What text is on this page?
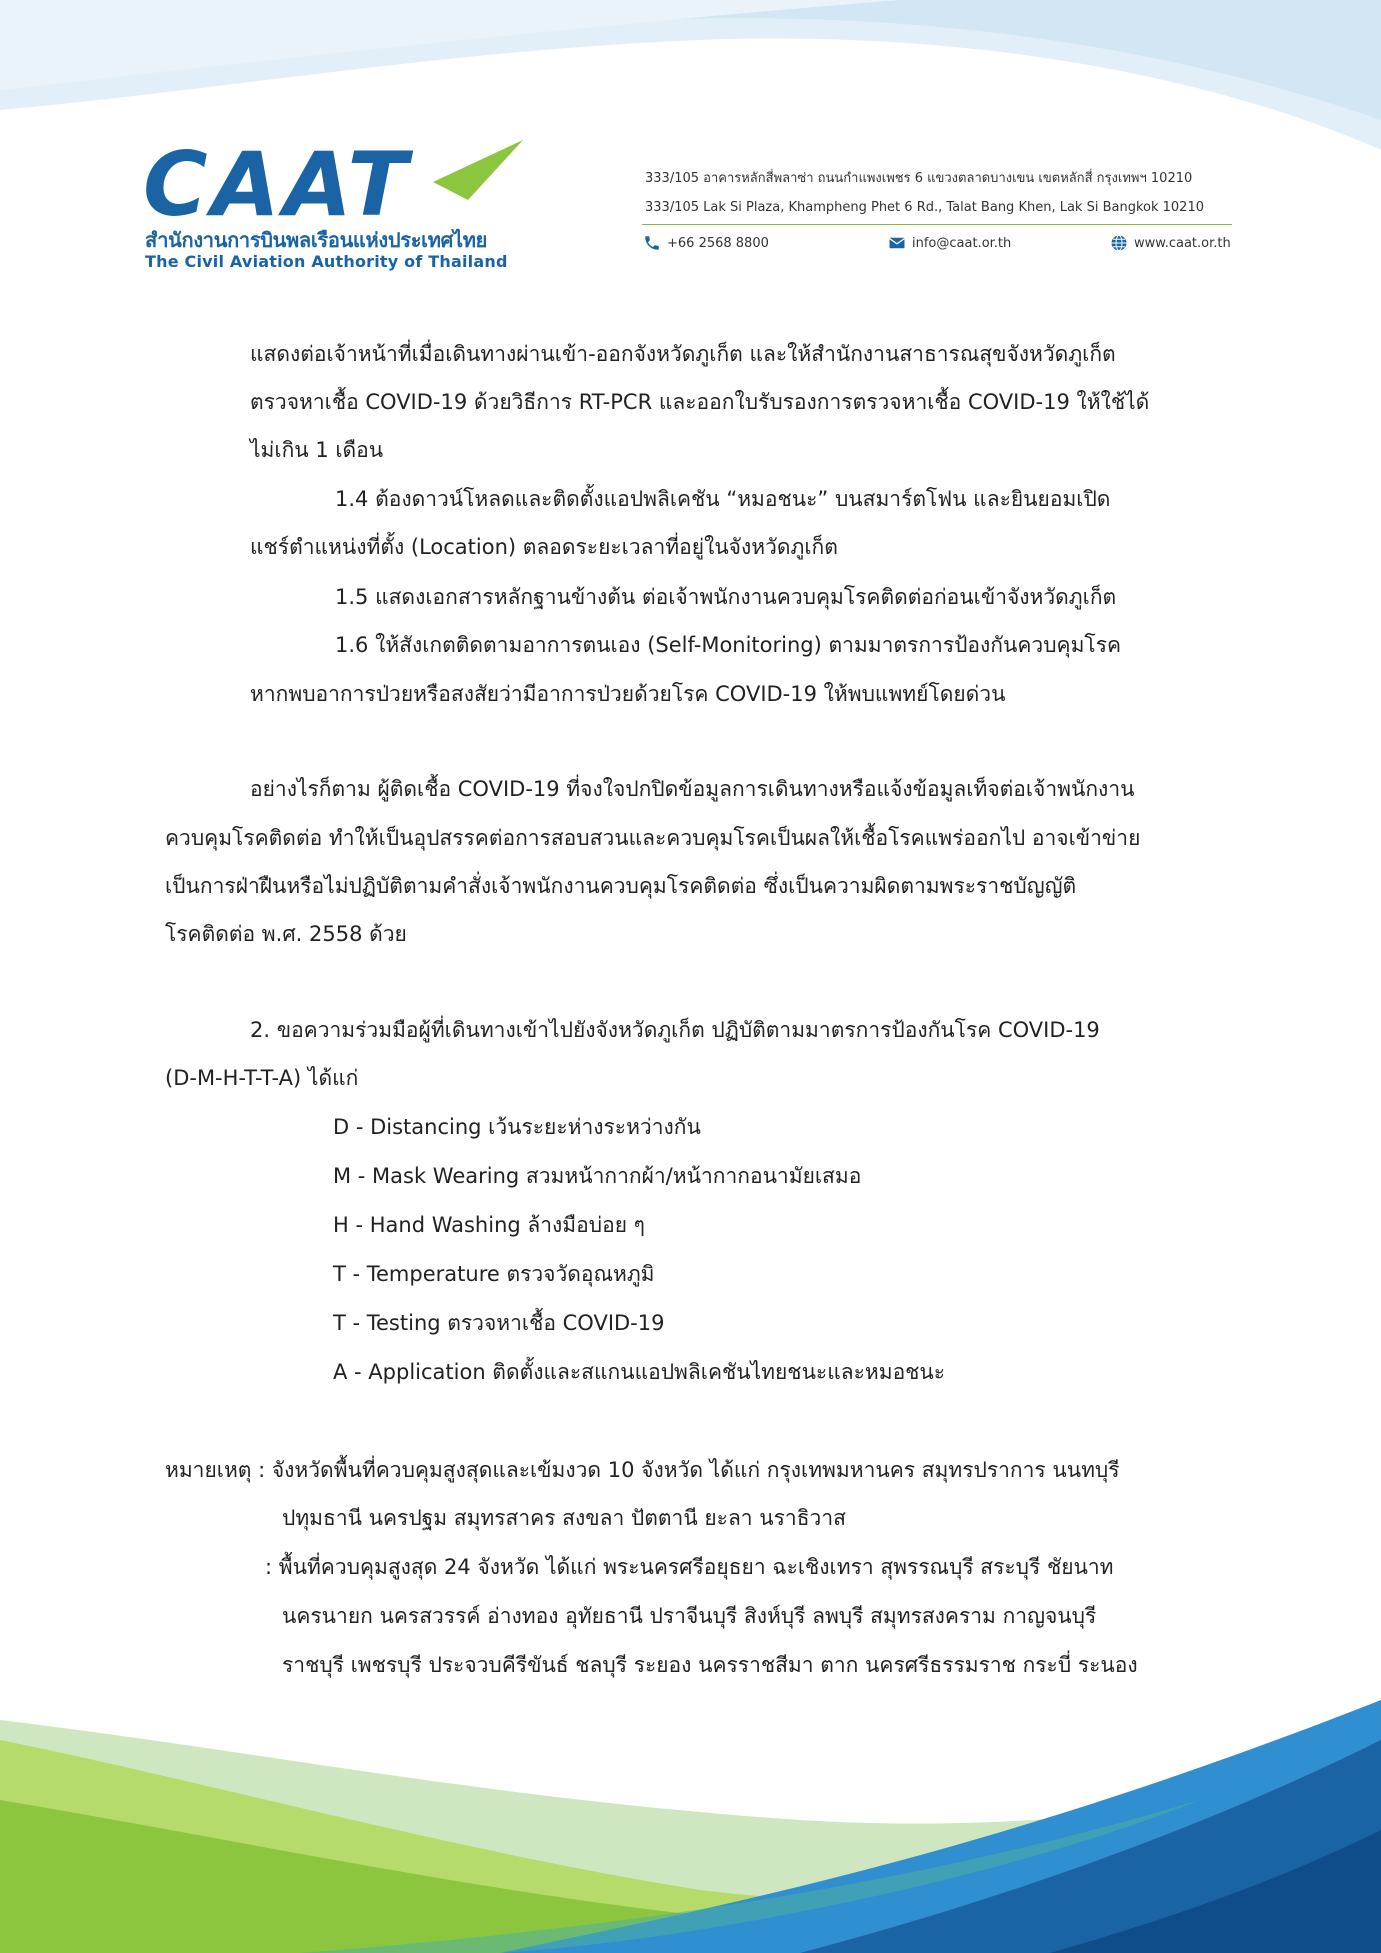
CAAT
สำนักงานการบินพลเรือนแห่งประเทศไทย
The Civil Aviation Authority of Thailand
333/105 อาคารหลักสี่พลาซ่า ถนนกำแพงเพชร 6 แขวงตลาดบางเขน เขตหลักสี่ กรุงเทพฯ 10210
333/105 Lak Si Plaza, Khampheng Phet 6 Rd., Talat Bang Khen, Lak Si Bangkok 10210
+66 2568 8800	info@caat.or.th	www.caat.or.th
แสดงต่อเจ้าหน้าที่เมื่อเดินทางผ่านเข้า-ออกจังหวัดภูเก็ต และให้สำนักงานสาธารณสุขจังหวัดภูเก็ต
ตรวจหาเชื้อ COVID-19 ด้วยวิธีการ RT-PCR และออกใบรับรองการตรวจหาเชื้อ COVID-19 ให้ใช้ได้
ไม่เกิน 1 เดือน
1.4 ต้องดาวน์โหลดและติดตั้งแอปพลิเคชัน “หมอชนะ” บนสมาร์ตโฟน และยินยอมเปิด
แชร์ตำแหน่งที่ตั้ง (Location) ตลอดระยะเวลาที่อยู่ในจังหวัดภูเก็ต
1.5 แสดงเอกสารหลักฐานข้างต้น ต่อเจ้าพนักงานควบคุมโรคติดต่อก่อนเข้าจังหวัดภูเก็ต
1.6 ให้สังเกตติดตามอาการตนเอง (Self-Monitoring) ตามมาตรการป้องกันควบคุมโรค
หากพบอาการป่วยหรือสงสัยว่ามีอาการป่วยด้วยโรค COVID-19 ให้พบแพทย์โดยด่วน
อย่างไรก็ตาม ผู้ติดเชื้อ COVID-19 ที่จงใจปกปิดข้อมูลการเดินทางหรือแจ้งข้อมูลเท็จต่อเจ้าพนักงาน
ควบคุมโรคติดต่อ ทำให้เป็นอุปสรรคต่อการสอบสวนและควบคุมโรคเป็นผลให้เชื้อโรคแพร่ออกไป อาจเข้าข่าย
เป็นการฝ่าฝืนหรือไม่ปฏิบัติตามคำสั่งเจ้าพนักงานควบคุมโรคติดต่อ ซึ่งเป็นความผิดตามพระราชบัญญัติ
โรคติดต่อ พ.ศ. 2558 ด้วย
2. ขอความร่วมมือผู้ที่เดินทางเข้าไปยังจังหวัดภูเก็ต ปฏิบัติตามมาตรการป้องกันโรค COVID-19
(D-M-H-T-T-A) ได้แก่
D - Distancing เว้นระยะห่างระหว่างกัน
M - Mask Wearing สวมหน้ากากผ้า/หน้ากากอนามัยเสมอ
H - Hand Washing ล้างมือบ่อย ๆ
T - Temperature ตรวจวัดอุณหภูมิ
T - Testing ตรวจหาเชื้อ COVID-19
A - Application ติดตั้งและสแกนแอปพลิเคชันไทยชนะและหมอชนะ
หมายเหตุ : จังหวัดพื้นที่ควบคุมสูงสุดและเข้มงวด 10 จังหวัด ได้แก่ กรุงเทพมหานคร สมุทรปราการ นนทบุรี
ปทุมธานี นครปฐม สมุทรสาคร สงขลา ปัตตานี ยะลา นราธิวาส
: พื้นที่ควบคุมสูงสุด 24 จังหวัด ได้แก่ พระนครศรีอยุธยา ฉะเชิงเทรา สุพรรณบุรี สระบุรี ชัยนาท
นครนายก นครสวรรค์ อ่างทอง อุทัยธานี ปราจีนบุรี สิงห์บุรี ลพบุรี สมุทรสงคราม กาญจนบุรี
ราชบุรี เพชรบุรี ประจวบคีรีขันธ์ ชลบุรี ระยอง นครราชสีมา ตาก นครศรีธรรมราช กระบี่ ระนอง
